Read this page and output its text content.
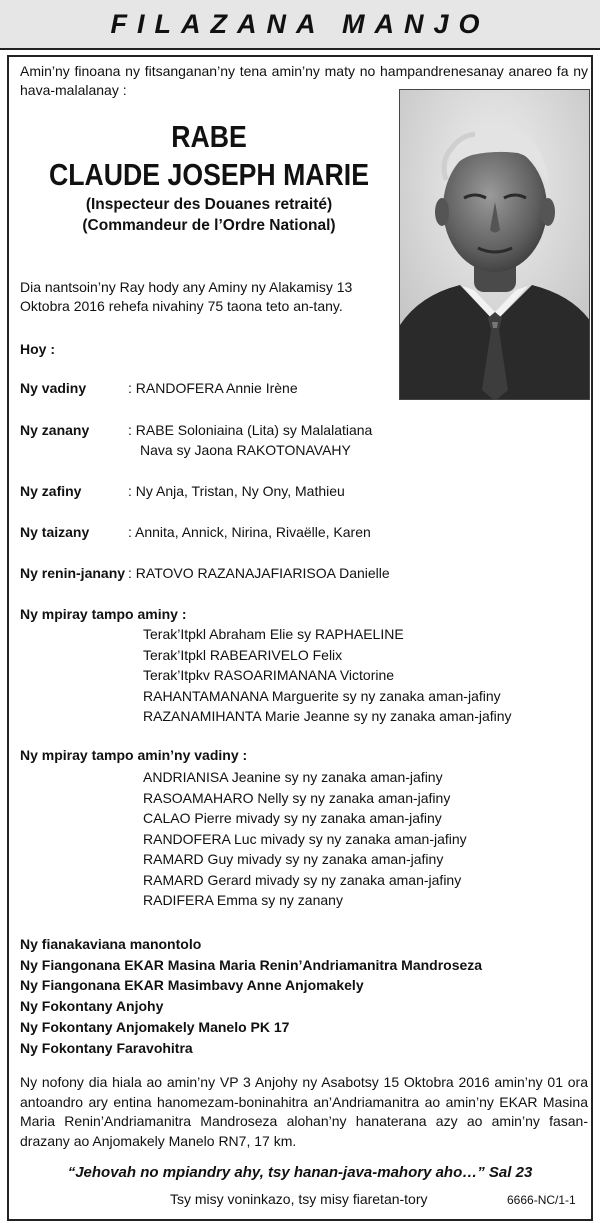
FILAZANA MANJO
Amin’ny finoana ny fitsanganan’ny tena amin’ny maty no hampandrenesanay anareo fa ny hava-malalanay :
RABE
CLAUDE JOSEPH MARIE
(Inspecteur des Douanes retraité)
(Commandeur de l’Ordre National)
Dia nantsoin’ny Ray hody any Aminy ny Alakamisy 13 Oktobra 2016 rehefa nivahiny 75 taona teto an-tany.
Hoy :
Ny vadiny	: RANDOFERA Annie Irène
Ny zanany	: RABE Soloniaina (Lita) sy Malalatiana
Nava sy Jaona RAKOTONAVAHY
Ny zafiny	: Ny Anja, Tristan, Ny Ony, Mathieu
Ny taizany	: Annita, Annick, Nirina, Rivaëlle, Karen
Ny renin-janany : RATOVO RAZANAJAFIARISOA Danielle
Ny mpiray tampo aminy :
Terak’Itpkl Abraham Elie sy RAPHAELINE
Terak’Itpkl RABEARIVELO Felix
Terak’Itpkv RASOARIMANANA Victorine
RAHANTAMANANA Marguerite sy ny zanaka aman-jafiny
RAZANAMIHANTA Marie Jeanne sy ny zanaka aman-jafiny
Ny mpiray tampo amin’ny vadiny :
ANDRIANISA Jeanine sy ny zanaka aman-jafiny
RASOAMAHARO Nelly sy ny zanaka aman-jafiny
CALAO Pierre mivady sy ny zanaka aman-jafiny
RANDOFERA Luc mivady sy ny zanaka aman-jafiny
RAMARD Guy mivady sy ny zanaka aman-jafiny
RAMARD Gerard mivady sy ny zanaka aman-jafiny
RADIFERA Emma sy ny zanany
Ny fianakaviana manontolo
Ny Fiangonana EKAR Masina Maria Renin’Andriamanitra Mandroseza
Ny Fiangonana EKAR Masimbavy Anne Anjomakely
Ny Fokontany Anjohy
Ny Fokontany Anjomakely Manelo PK 17
Ny Fokontany Faravohitra
Ny nofony dia hiala ao amin’ny VP 3 Anjohy ny Asabotsy 15 Oktobra 2016 amin’ny 01 ora antoandro ary entina hanomezam-boninahitra an’Andriamanitra ao amin’ny EKAR Masina Maria Renin’Andriamanitra Mandroseza alohan’ny hanaterana azy ao amin’ny fasan-drazany ao Anjomakely Manelo RN7, 17 km.
“Jehovah no mpiandry ahy, tsy hanan-java-mahory aho…” Sal 23
Tsy misy voninkazo, tsy misy fiaretan-tory	6666-NC/1-1
